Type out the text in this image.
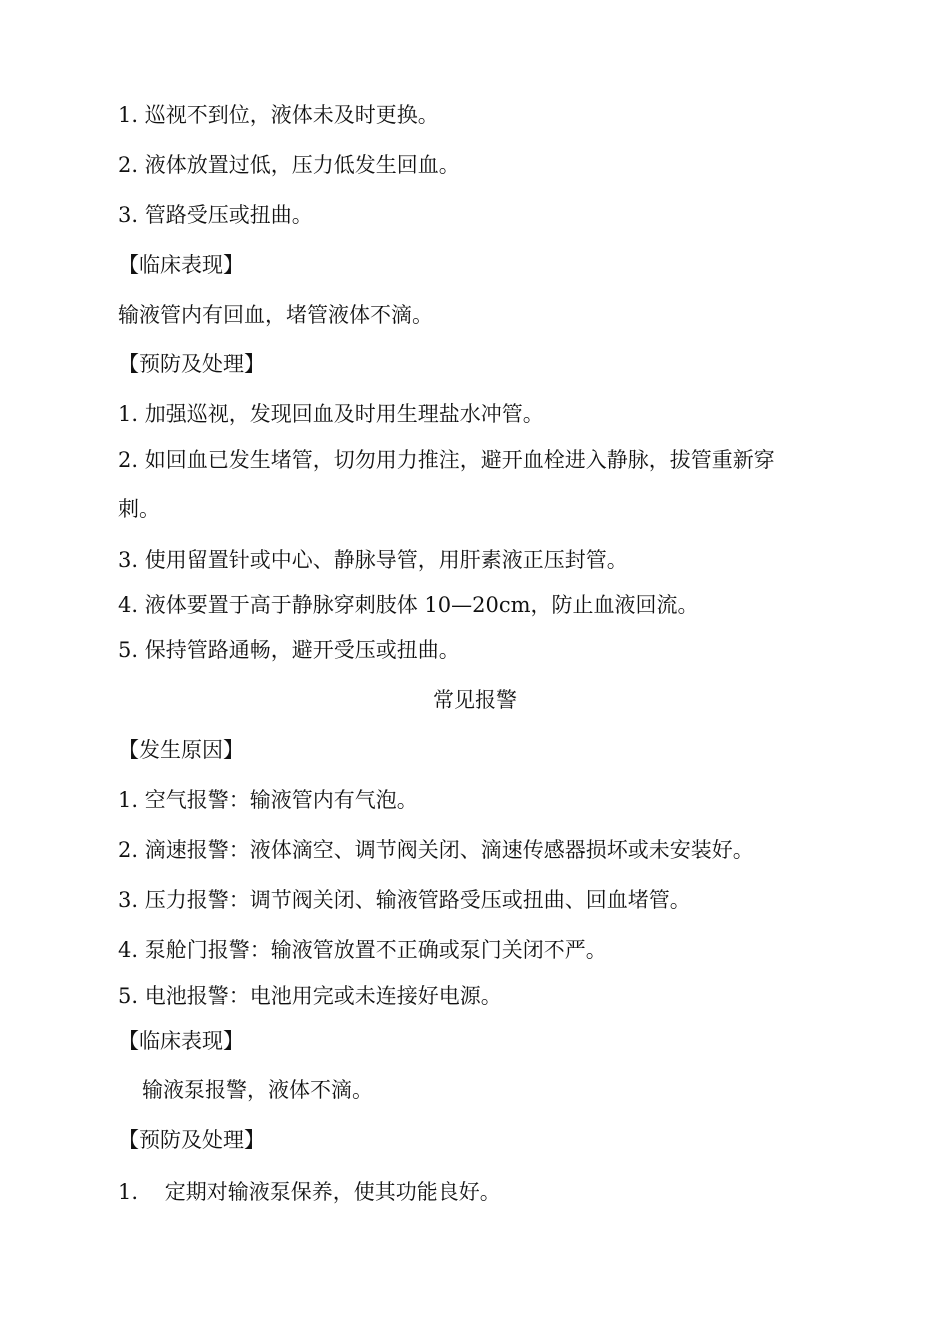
1. 巡视不到位，液体未及时更换。
2. 液体放置过低，压力低发生回血。
3. 管路受压或扭曲。
【临床表现】
输液管内有回血，堵管液体不滴。
【预防及处理】
1. 加强巡视，发现回血及时用生理盐水冲管。
2. 如回血已发生堵管，切勿用力推注，避开血栓进入静脉，拔管重新穿
刺。
3. 使用留置针或中心、静脉导管，用肝素液正压封管。
4. 液体要置于高于静脉穿刺肢体 10—20cm，防止血液回流。
5. 保持管路通畅，避开受压或扭曲。
常见报警
【发生原因】
1. 空气报警：输液管内有气泡。
2. 滴速报警：液体滴空、调节阀关闭、滴速传感器损坏或未安装好。
3. 压力报警：调节阀关闭、输液管路受压或扭曲、回血堵管。
4. 泵舱门报警：输液管放置不正确或泵门关闭不严。
5. 电池报警：电池用完或未连接好电源。
【临床表现】
输液泵报警，液体不滴。
【预防及处理】
1.    定期对输液泵保养，使其功能良好。
